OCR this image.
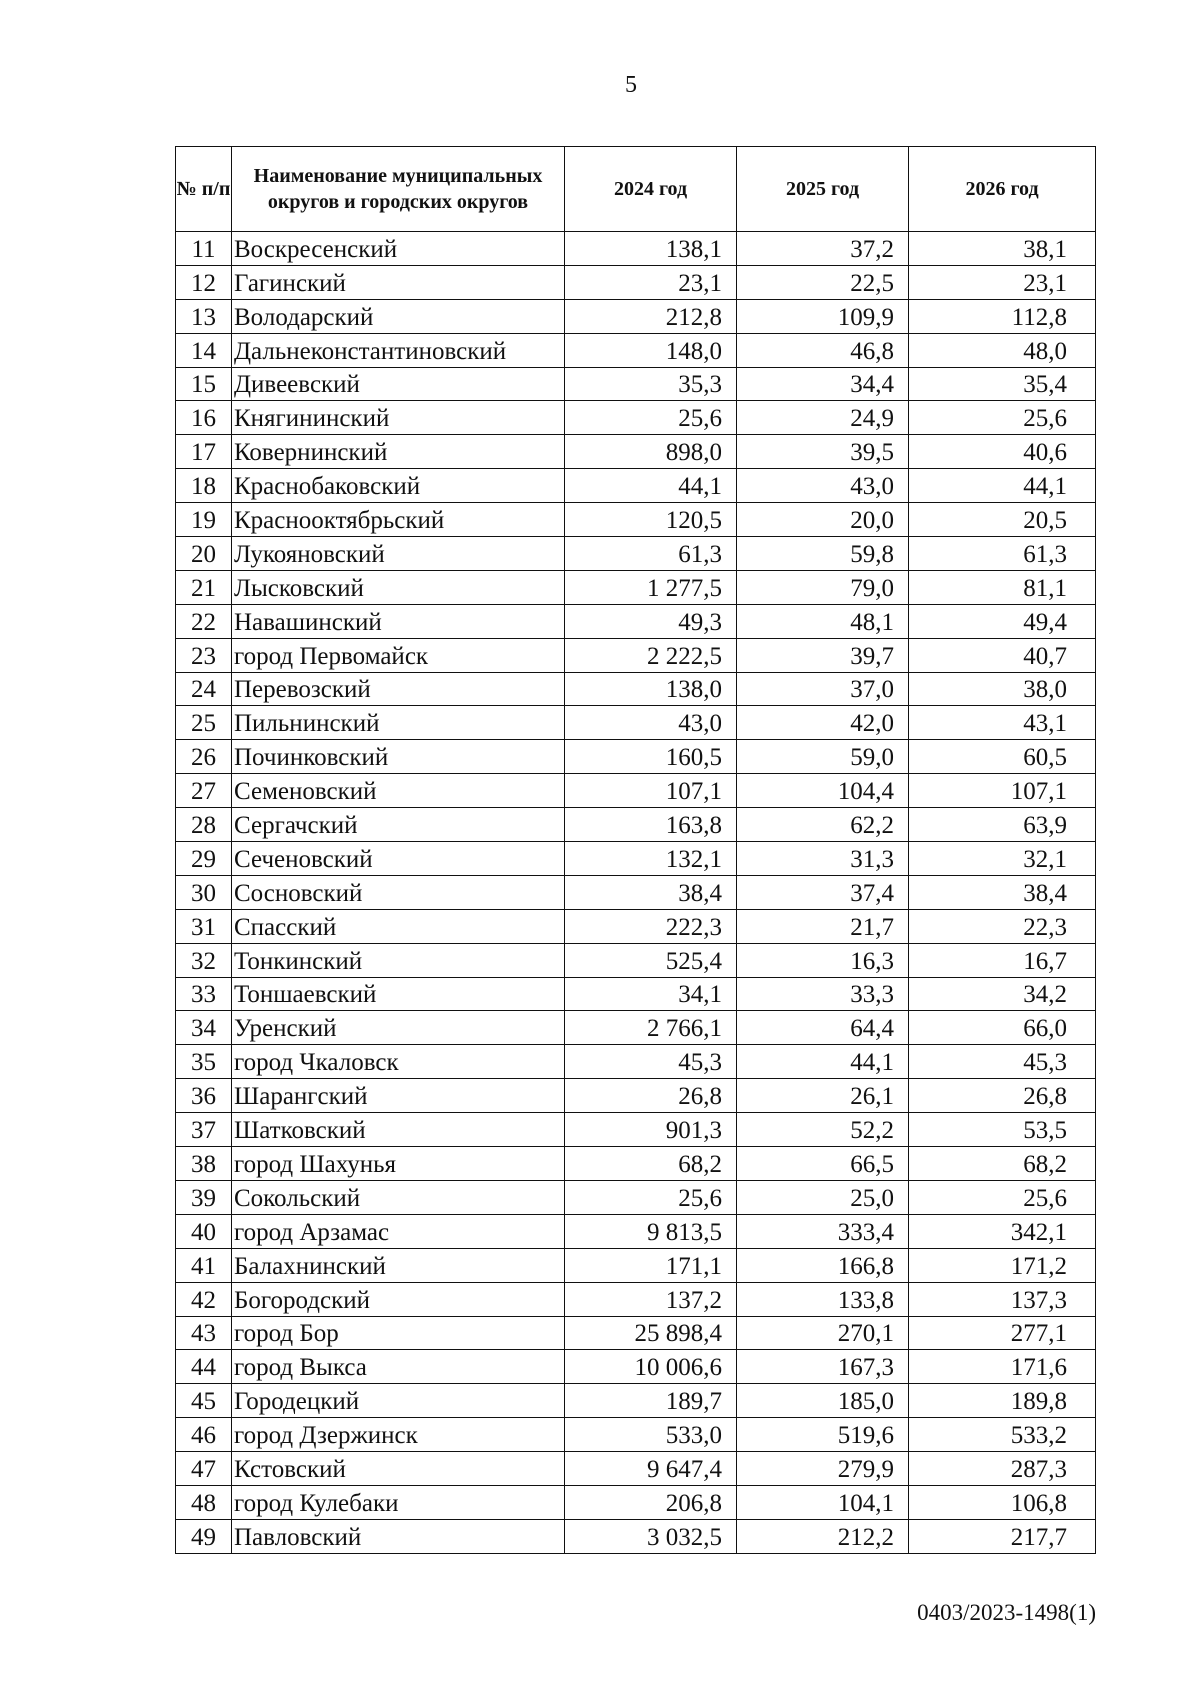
5
№ п/п	Наименование муниципальных округов и городских округов	2024 год	2025 год	2026 год
11	Воскресенский	138,1	37,2	38,1
12	Гагинский	23,1	22,5	23,1
13	Володарский	212,8	109,9	112,8
14	Дальнеконстантиновский	148,0	46,8	48,0
15	Дивеевский	35,3	34,4	35,4
16	Княгининский	25,6	24,9	25,6
17	Ковернинский	898,0	39,5	40,6
18	Краснобаковский	44,1	43,0	44,1
19	Краснооктябрьский	120,5	20,0	20,5
20	Лукояновский	61,3	59,8	61,3
21	Лысковский	1 277,5	79,0	81,1
22	Навашинский	49,3	48,1	49,4
23	город Первомайск	2 222,5	39,7	40,7
24	Перевозский	138,0	37,0	38,0
25	Пильнинский	43,0	42,0	43,1
26	Починковский	160,5	59,0	60,5
27	Семеновский	107,1	104,4	107,1
28	Сергачский	163,8	62,2	63,9
29	Сеченовский	132,1	31,3	32,1
30	Сосновский	38,4	37,4	38,4
31	Спасский	222,3	21,7	22,3
32	Тонкинский	525,4	16,3	16,7
33	Тоншаевский	34,1	33,3	34,2
34	Уренский	2 766,1	64,4	66,0
35	город Чкаловск	45,3	44,1	45,3
36	Шарангский	26,8	26,1	26,8
37	Шатковский	901,3	52,2	53,5
38	город Шахунья	68,2	66,5	68,2
39	Сокольский	25,6	25,0	25,6
40	город Арзамас	9 813,5	333,4	342,1
41	Балахнинский	171,1	166,8	171,2
42	Богородский	137,2	133,8	137,3
43	город Бор	25 898,4	270,1	277,1
44	город Выкса	10 006,6	167,3	171,6
45	Городецкий	189,7	185,0	189,8
46	город Дзержинск	533,0	519,6	533,2
47	Кстовский	9 647,4	279,9	287,3
48	город Кулебаки	206,8	104,1	106,8
49	Павловский	3 032,5	212,2	217,7
0403/2023-1498(1)
